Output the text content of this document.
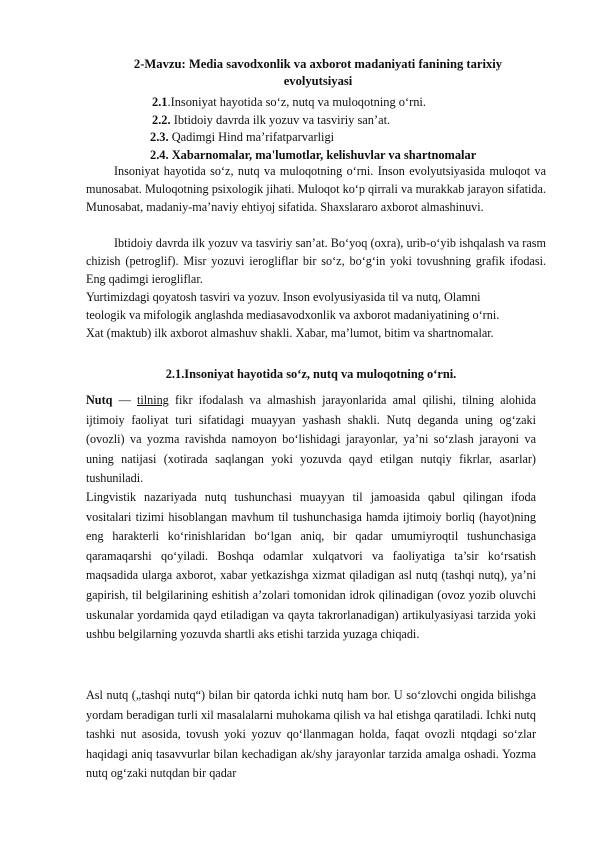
2-Mavzu: Media savodxonlik va axborot madaniyati fanining tarixiy evolyutsiyasi
2.1.Insoniyat hayotida so‘z, nutq va muloqotning o‘rni.
2.2. Ibtidoiy davrda ilk yozuv va tasviriy san’at.
2.3. Qadimgi Hind ma’rifatparvarligi
2.4. Xabarnomalar, ma'lumotlar, kelishuvlar va shartnomalar

Insoniyat hayotida so‘z, nutq va muloqotning o‘rni. Inson evolyutsiyasida muloqot va munosabat. Muloqotning psixologik jihati. Muloqot ko‘p qirrali va murakkab jarayon sifatida. Munosabat, madaniy-ma’naviy ehtiyoj sifatida. Shaxslararo axborot almashinuvi.

Ibtidoiy davrda ilk yozuv va tasviriy san’at. Bo‘yoq (oxra), urib-o‘yib ishqalash va rasm chizish (petroglif). Misr yozuvi ierogliflar bir so‘z, bo‘g‘in yoki tovushning grafik ifodasi. Eng qadimgi ierogliflar.

Yurtimizdagi qoyatosh tasviri va yozuv. Inson evolyusiyasida til va nutq, Olamni

teologik va mifologik anglashda mediasavodxonlik va axborot madaniyatining o‘rni.

Xat (maktub) ilk axborot almashuv shakli. Xabar, ma’lumot, bitim va shartnomalar.

2.1.Insoniyat hayotida so‘z, nutq va muloqotning o‘rni.

Nutq — tilning fikr ifodalash va almashish jarayonlarida amal qilishi, tilning alohida ijtimoiy faoliyat turi sifatidagi muayyan yashash shakli. Nutq deganda uning og‘zaki (ovozli) va yozma ravishda namoyon bo‘lishidagi jarayonlar, ya’ni so‘zlash jarayoni va uning natijasi (xotirada saqlangan yoki yozuvda qayd etilgan nutqiy fikrlar, asarlar) tushuniladi.

Lingvistik nazariyada nutq tushunchasi muayyan til jamoasida qabul qilingan ifoda vositalari tizimi hisoblangan mavhum til tushunchasiga hamda ijtimoiy borliq (hayot)ning eng harakterli ko‘rinishlaridan bo‘lgan aniq, bir qadar umumiyroqtil tushunchasiga qaramaqarshi qo‘yiladi. Boshqa odamlar xulqatvori va faoliyatiga ta’sir ko‘rsatish maqsadida ularga axborot, xabar yetkazishga xizmat qiladigan asl nutq (tashqi nutq), ya’ni gapirish, til belgilarining eshitish a’zolari tomonidan idrok qilinadigan (ovoz yozib oluvchi uskunalar yordamida qayd etiladigan va qayta takrorlanadigan) artikulyasiyasi tarzida yoki ushbu belgilarning yozuvda shartli aks etishi tarzida yuzaga chiqadi.

Asl nutq („tashqi nutq“) bilan bir qatorda ichki nutq ham bor. U so‘zlovchi ongida bilishga yordam beradigan turli xil masalalarni muhokama qilish va hal etishga qaratiladi. Ichki nutq tashki nut asosida, tovush yoki yozuv qo‘llanmagan holda, faqat ovozli ntqdagi so‘zlar haqidagi aniq tasavvurlar bilan kechadigan ak/shy jarayonlar tarzida amalga oshadi. Yozma nutq og‘zaki nutqdan bir qadar
